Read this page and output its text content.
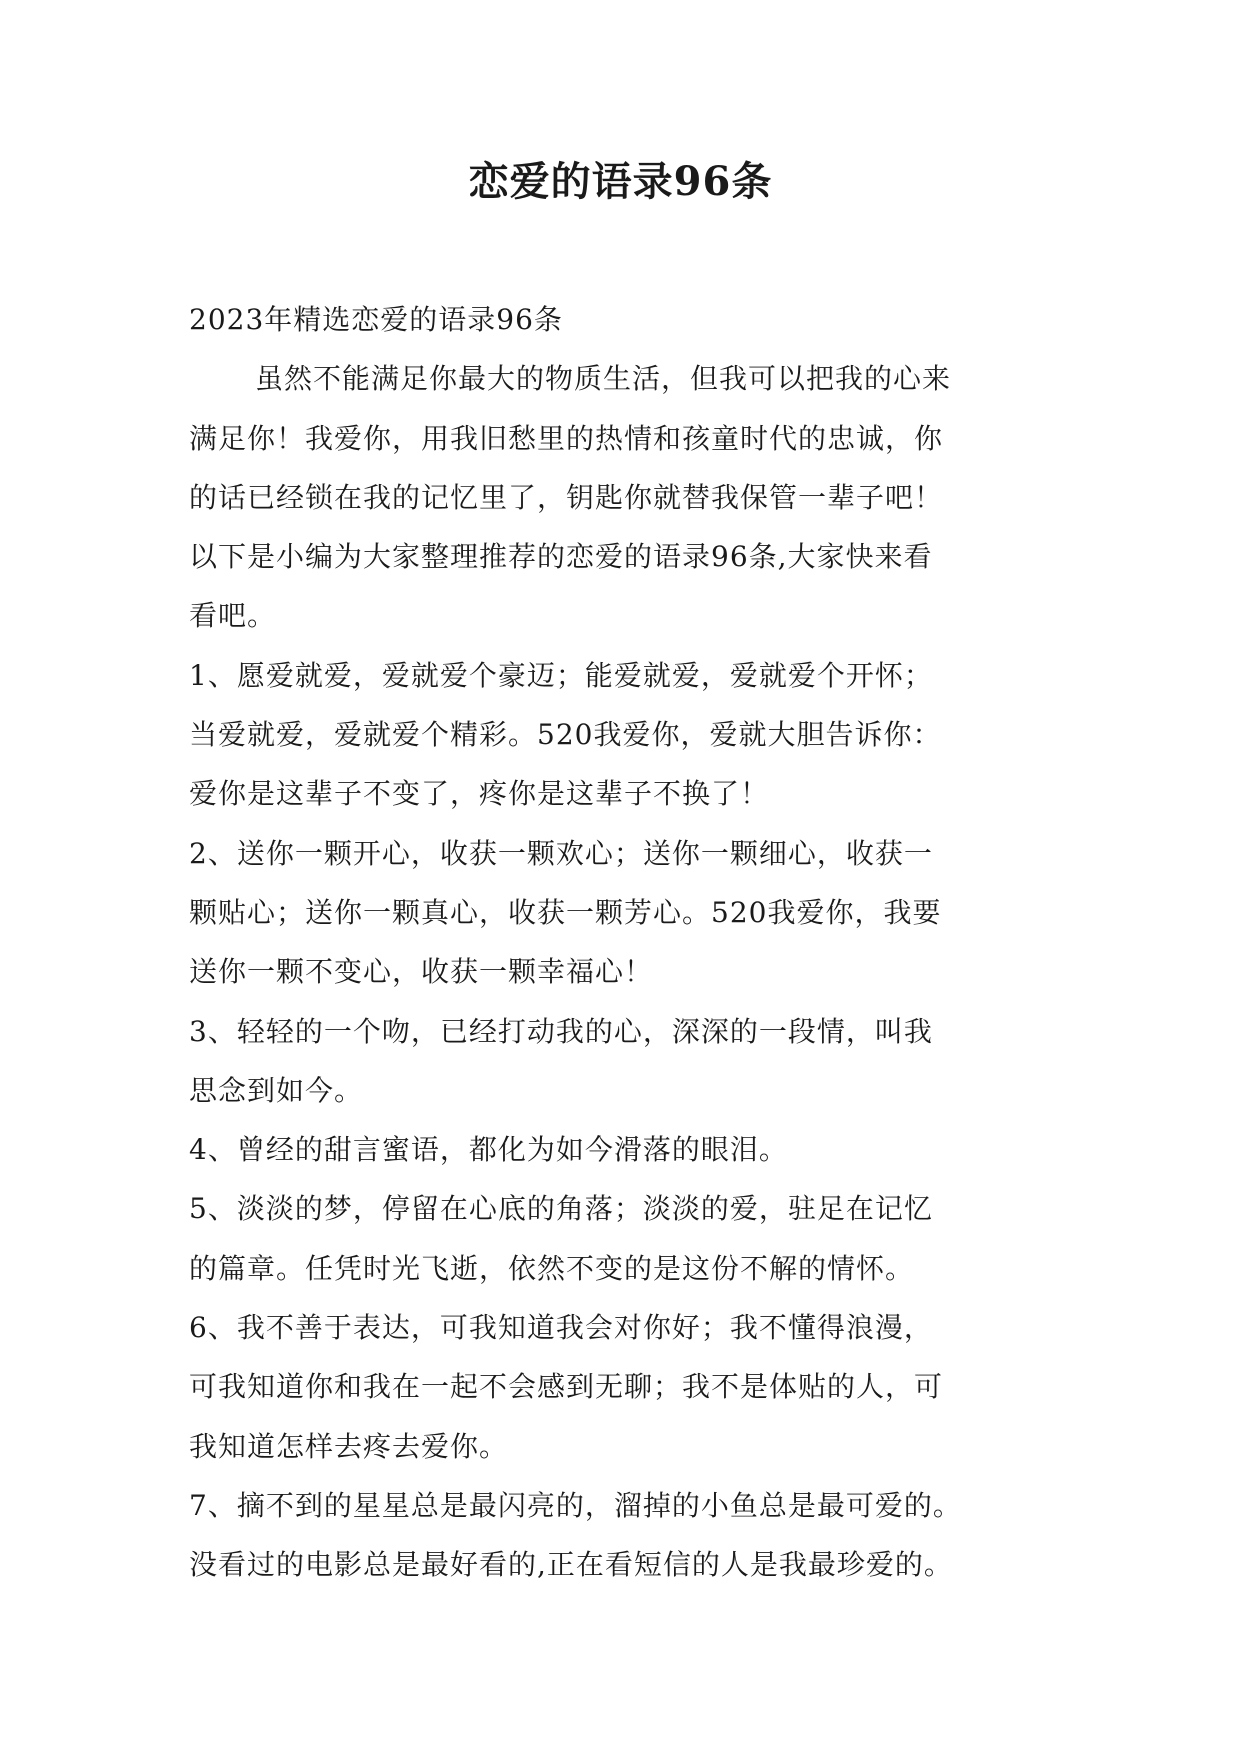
恋爱的语录96条
2023年精选恋爱的语录96条
虽然不能满足你最大的物质生活，但我可以把我的心来
满足你！我爱你，用我旧愁里的热情和孩童时代的忠诚，你
的话已经锁在我的记忆里了，钥匙你就替我保管一辈子吧！
以下是小编为大家整理推荐的恋爱的语录96条,大家快来看
看吧。
1、愿爱就爱，爱就爱个豪迈；能爱就爱，爱就爱个开怀；
当爱就爱，爱就爱个精彩。520我爱你，爱就大胆告诉你：
爱你是这辈子不变了，疼你是这辈子不换了！
2、送你一颗开心，收获一颗欢心；送你一颗细心，收获一
颗贴心；送你一颗真心，收获一颗芳心。520我爱你，我要
送你一颗不变心，收获一颗幸福心！
3、轻轻的一个吻，已经打动我的心，深深的一段情，叫我
思念到如今。
4、曾经的甜言蜜语，都化为如今滑落的眼泪。
5、淡淡的梦，停留在心底的角落；淡淡的爱，驻足在记忆
的篇章。任凭时光飞逝，依然不变的是这份不解的情怀。
6、我不善于表达，可我知道我会对你好；我不懂得浪漫，
可我知道你和我在一起不会感到无聊；我不是体贴的人，可
我知道怎样去疼去爱你。
7、摘不到的星星总是最闪亮的，溜掉的小鱼总是最可爱的。
没看过的电影总是最好看的,正在看短信的人是我最珍爱的。
